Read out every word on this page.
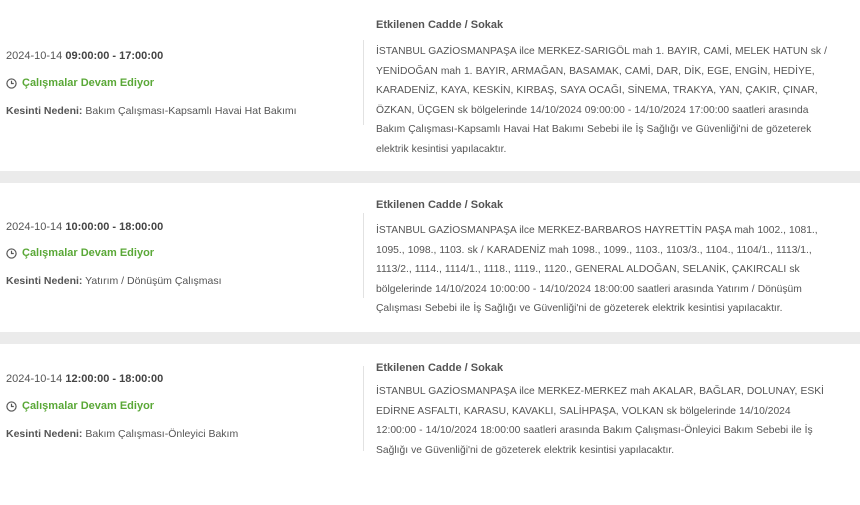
2024-10-14 09:00:00 - 17:00:00
Çalışmalar Devam Ediyor
Kesinti Nedeni: Bakım Çalışması-Kapsamlı Havai Hat Bakımı
Etkilenen Cadde / Sokak
İSTANBUL GAZİOSMANPAŞA ilce MERKEZ-SARIGÖL mah 1. BAYIR, CAMİ, MELEK HATUN sk / YENİDOĞAN mah 1. BAYIR, ARMAĞAN, BASAMAK, CAMİ, DAR, DİK, EGE, ENGİN, HEDİYE, KARADENİZ, KAYA, KESKİN, KIRBAŞ, SAYA OCAĞI, SİNEMA, TRAKYA, YAN, ÇAKIR, ÇINAR, ÖZKAN, ÜÇGEN sk bölgelerinde 14/10/2024 09:00:00 - 14/10/2024 17:00:00 saatleri arasında Bakım Çalışması-Kapsamlı Havai Hat Bakımı Sebebi ile İş Sağlığı ve Güvenliği'ni de gözeterek elektrik kesintisi yapılacaktır.
2024-10-14 10:00:00 - 18:00:00
Çalışmalar Devam Ediyor
Kesinti Nedeni: Yatırım / Dönüşüm Çalışması
Etkilenen Cadde / Sokak
İSTANBUL GAZİOSMANPAŞA ilce MERKEZ-BARBAROS HAYRETTİN PAŞA mah 1002., 1081., 1095., 1098., 1103. sk / KARADENİZ mah 1098., 1099., 1103., 1103/3., 1104., 1104/1., 1113/1., 1113/2., 1114., 1114/1., 1118., 1119., 1120., GENERAL ALDOĞAN, SELANİK, ÇAKIRCALI sk bölgelerinde 14/10/2024 10:00:00 - 14/10/2024 18:00:00 saatleri arasında Yatırım / Dönüşüm Çalışması Sebebi ile İş Sağlığı ve Güvenliği'ni de gözeterek elektrik kesintisi yapılacaktır.
2024-10-14 12:00:00 - 18:00:00
Çalışmalar Devam Ediyor
Kesinti Nedeni: Bakım Çalışması-Önleyici Bakım
Etkilenen Cadde / Sokak
İSTANBUL GAZİOSMANPAŞA ilce MERKEZ-MERKEZ mah AKALAR, BAĞLAR, DOLUNAY, ESKİ EDİRNE ASFALTI, KARASU, KAVAKLI, SALİHPAŞA, VOLKAN sk bölgelerinde 14/10/2024 12:00:00 - 14/10/2024 18:00:00 saatleri arasında Bakım Çalışması-Önleyici Bakım Sebebi ile İş Sağlığı ve Güvenliği'ni de gözeterek elektrik kesintisi yapılacaktır.
